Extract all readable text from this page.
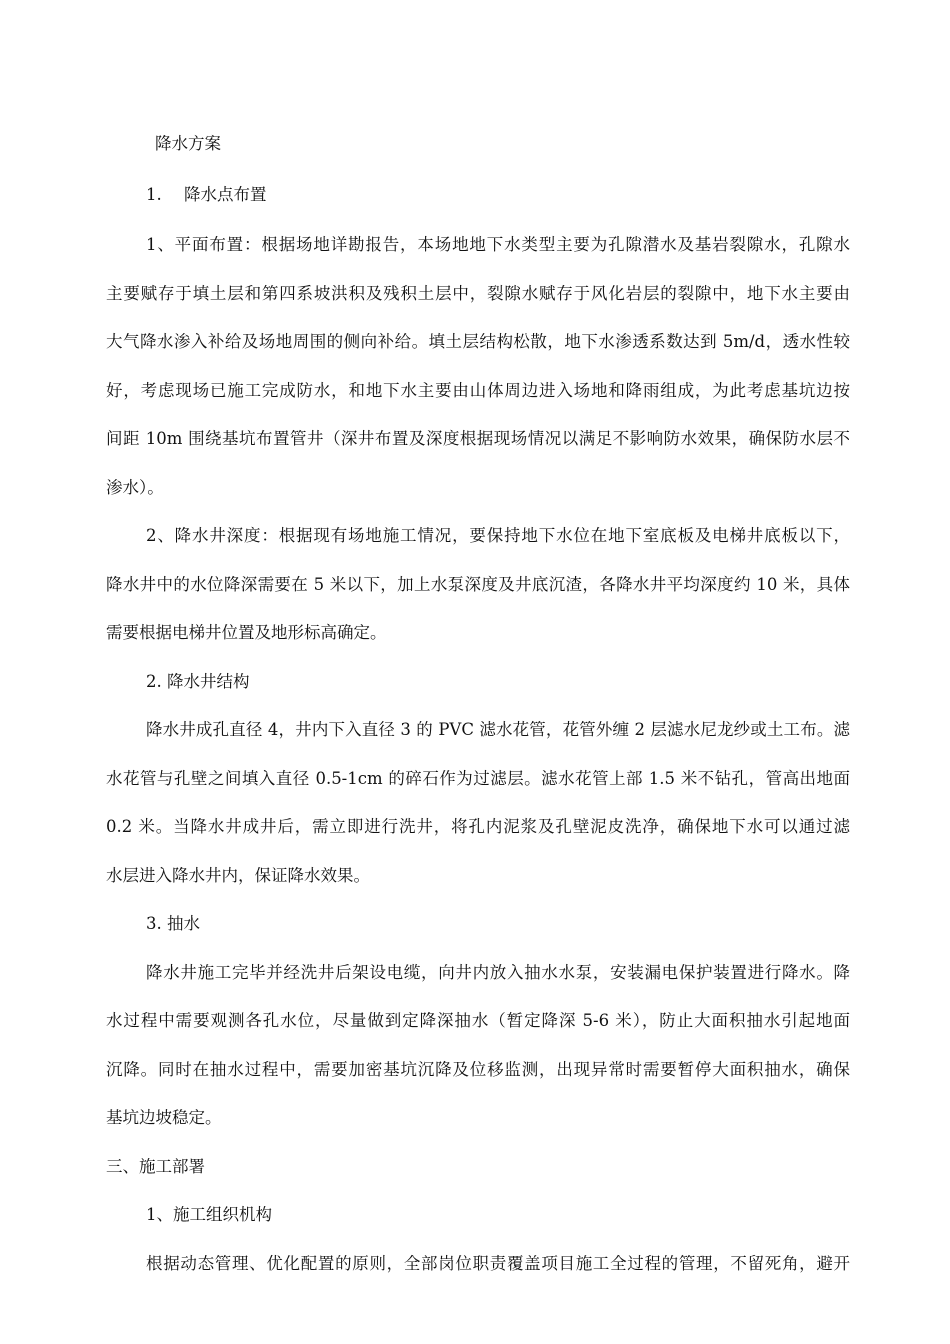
降水方案
1. 降水点布置
1、平面布置：根据场地详勘报告，本场地地下水类型主要为孔隙潜水及基岩裂隙水，孔隙水
主要赋存于填土层和第四系坡洪积及残积土层中，裂隙水赋存于风化岩层的裂隙中，地下水主要由
大气降水渗入补给及场地周围的侧向补给。填土层结构松散，地下水渗透系数达到 5m/d，透水性较
好，考虑现场已施工完成防水，和地下水主要由山体周边进入场地和降雨组成，为此考虑基坑边按
间距 10m 围绕基坑布置管井（深井布置及深度根据现场情况以满足不影响防水效果，确保防水层不
渗水）。
2、降水井深度：根据现有场地施工情况，要保持地下水位在地下室底板及电梯井底板以下，
降水井中的水位降深需要在 5 米以下，加上水泵深度及井底沉渣，各降水井平均深度约 10 米，具体
需要根据电梯井位置及地形标高确定。
2. 降水井结构
降水井成孔直径 4，井内下入直径 3 的 PVC 滤水花管，花管外缠 2 层滤水尼龙纱或土工布。滤
水花管与孔壁之间填入直径 0.5-1cm 的碎石作为过滤层。滤水花管上部 1.5 米不钻孔，管高出地面
0.2 米。当降水井成井后，需立即进行洗井，将孔内泥浆及孔壁泥皮洗净，确保地下水可以通过滤
水层进入降水井内，保证降水效果。
3. 抽水
降水井施工完毕并经洗井后架设电缆，向井内放入抽水水泵，安装漏电保护装置进行降水。降
水过程中需要观测各孔水位，尽量做到定降深抽水（暂定降深 5-6 米），防止大面积抽水引起地面
沉降。同时在抽水过程中，需要加密基坑沉降及位移监测，出现异常时需要暂停大面积抽水，确保
基坑边坡稳定。
三、施工部署
1、施工组织机构
根据动态管理、优化配置的原则，全部岗位职责覆盖项目施工全过程的管理，不留死角，避开
